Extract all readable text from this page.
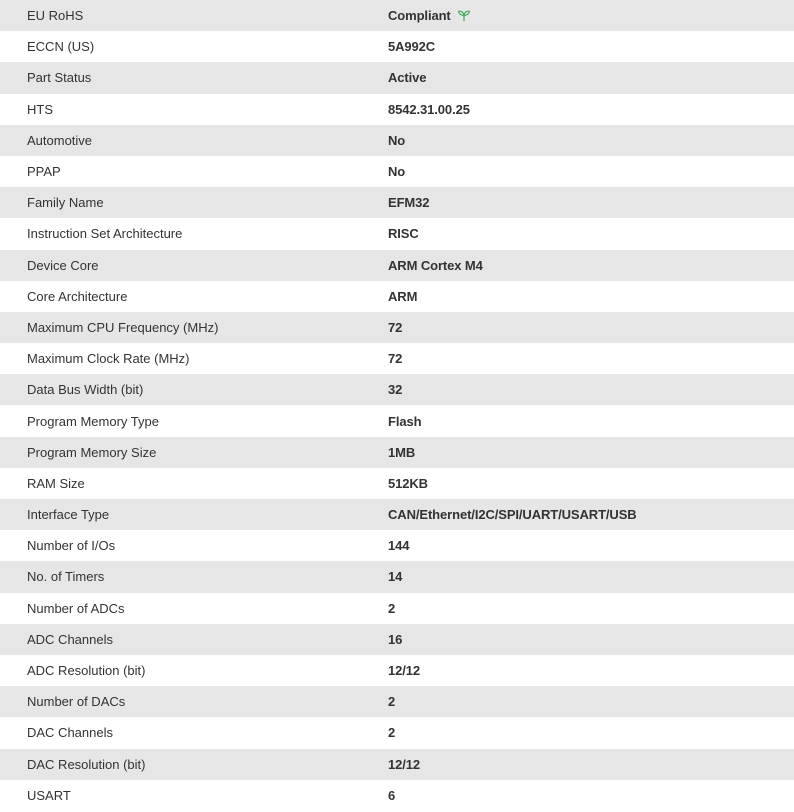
EU RoHS	Compliant
ECCN (US)	5A992C
Part Status	Active
HTS	8542.31.00.25
Automotive	No
PPAP	No
Family Name	EFM32
Instruction Set Architecture	RISC
Device Core	ARM Cortex M4
Core Architecture	ARM
Maximum CPU Frequency (MHz)	72
Maximum Clock Rate (MHz)	72
Data Bus Width (bit)	32
Program Memory Type	Flash
Program Memory Size	1MB
RAM Size	512KB
Interface Type	CAN/Ethernet/I2C/SPI/UART/USART/USB
Number of I/Os	144
No. of Timers	14
Number of ADCs	2
ADC Channels	16
ADC Resolution (bit)	12/12
Number of DACs	2
DAC Channels	2
DAC Resolution (bit)	12/12
USART	6
